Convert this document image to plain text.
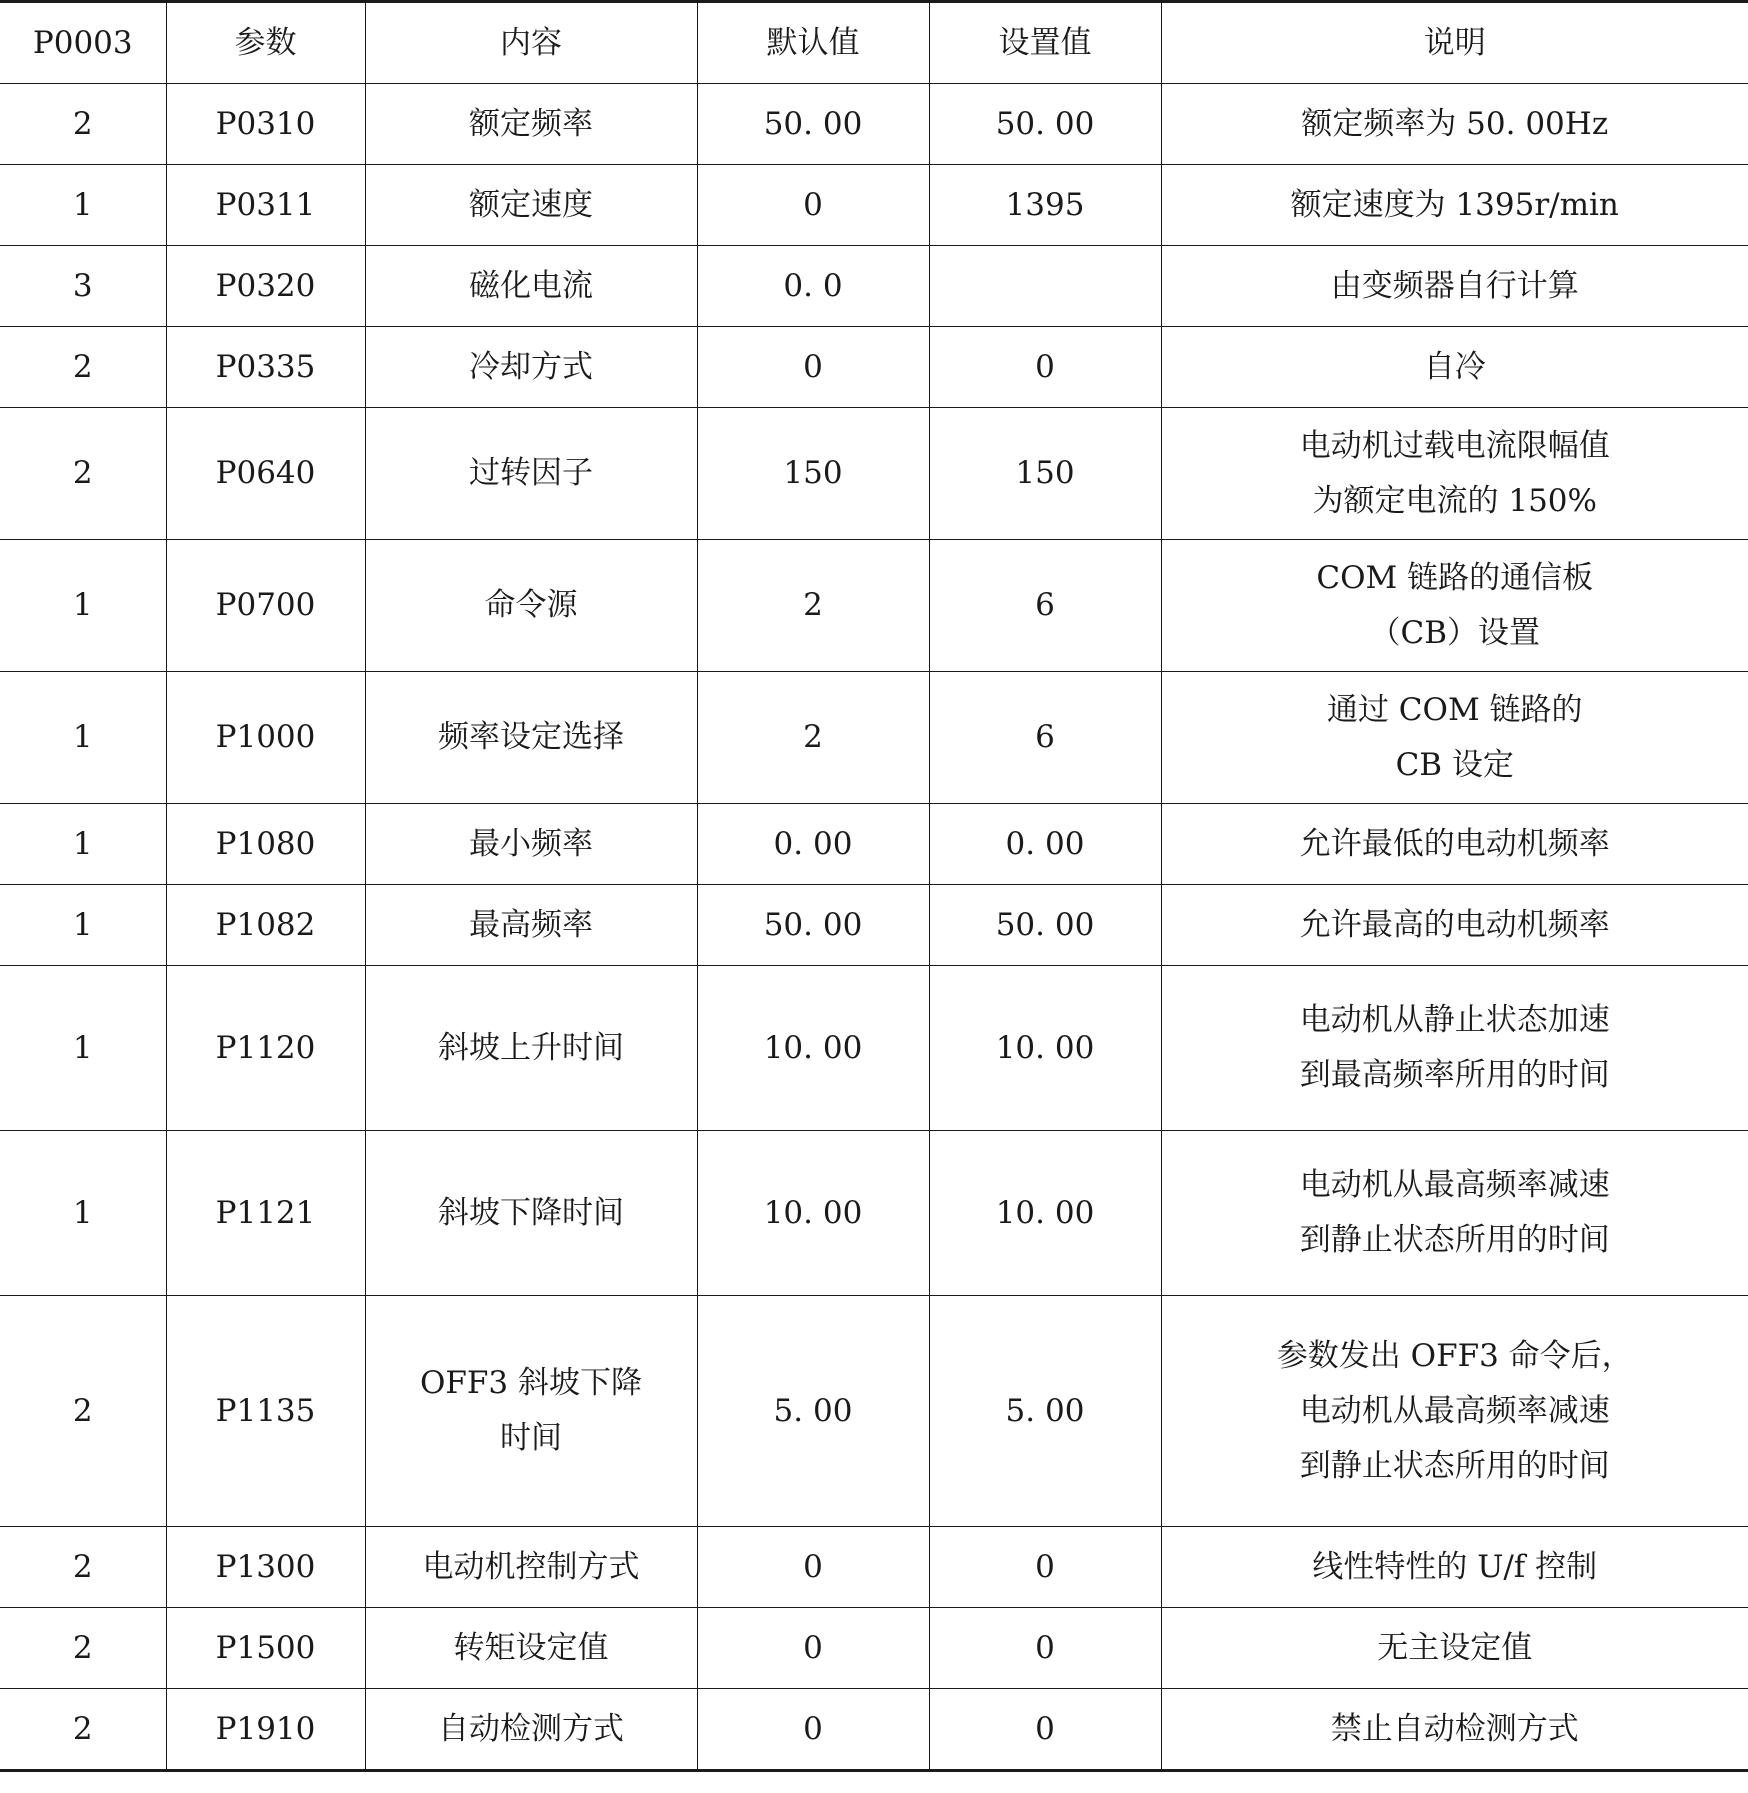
P0003	参数	内容	默认值	设置值	说明
2	P0310	额定频率	50. 00	50. 00	额定频率为 50. 00Hz
1	P0311	额定速度	0	1395	额定速度为 1395r/min
3	P0320	磁化电流	0. 0		由变频器自行计算
2	P0335	冷却方式	0	0	自冷
2	P0640	过转因子	150	150	电动机过载电流限幅值
为额定电流的 150%
1	P0700	命令源	2	6	COM 链路的通信板
（CB）设置
1	P1000	频率设定选择	2	6	通过 COM 链路的
CB 设定
1	P1080	最小频率	0. 00	0. 00	允许最低的电动机频率
1	P1082	最高频率	50. 00	50. 00	允许最高的电动机频率
1	P1120	斜坡上升时间	10. 00	10. 00	电动机从静止状态加速
到最高频率所用的时间
1	P1121	斜坡下降时间	10. 00	10. 00	电动机从最高频率减速
到静止状态所用的时间
2	P1135	OFF3 斜坡下降
时间	5. 00	5. 00	参数发出 OFF3 命令后，
电动机从最高频率减速
到静止状态所用的时间
2	P1300	电动机控制方式	0	0	线性特性的 U/f 控制
2	P1500	转矩设定值	0	0	无主设定值
2	P1910	自动检测方式	0	0	禁止自动检测方式
